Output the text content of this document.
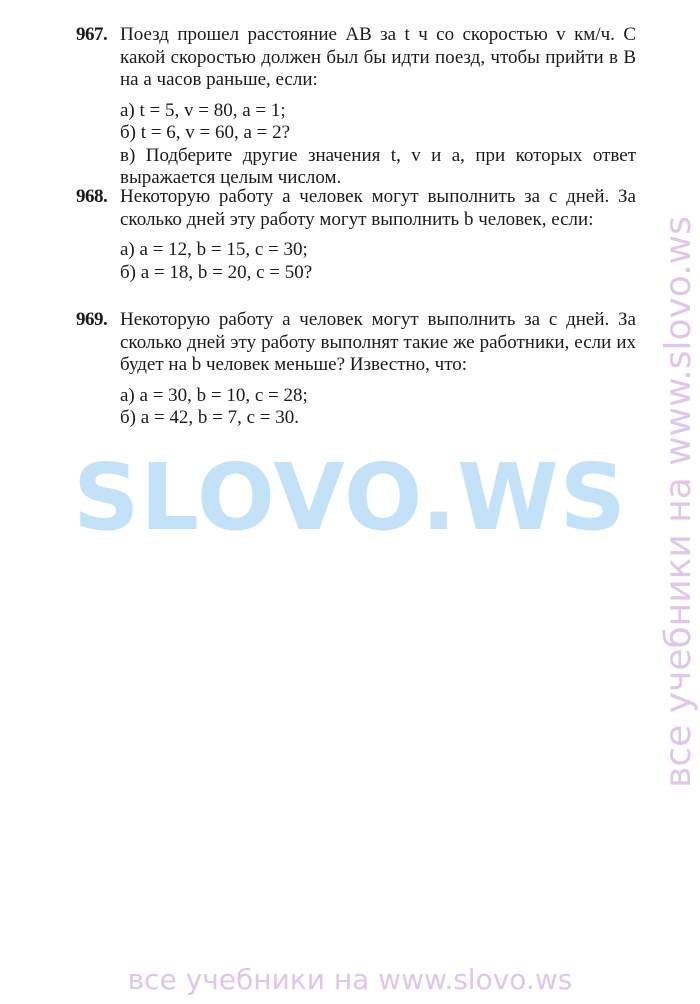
967. Поезд прошел расстояние AB за t ч со скоростью v км/ч. С какой скоростью должен был бы идти поезд, чтобы прийти в B на a часов раньше, если:
а) t = 5, v = 80, a = 1;
б) t = 6, v = 60, a = 2?
в) Подберите другие значения t, v и a, при которых ответ выражается целым числом.
968. Некоторую работу a человек могут выполнить за c дней. За сколько дней эту работу могут выполнить b человек, если:
а) a = 12, b = 15, c = 30;
б) a = 18, b = 20, c = 50?
969. Некоторую работу a человек могут выполнить за c дней. За сколько дней эту работу выполнят такие же работники, если их будет на b человек меньше? Известно, что:
а) a = 30, b = 10, c = 28;
б) a = 42, b = 7, c = 30.
SLOVO.WS все учебники на www.slovo.ws
все учебники на www.slovo.ws
